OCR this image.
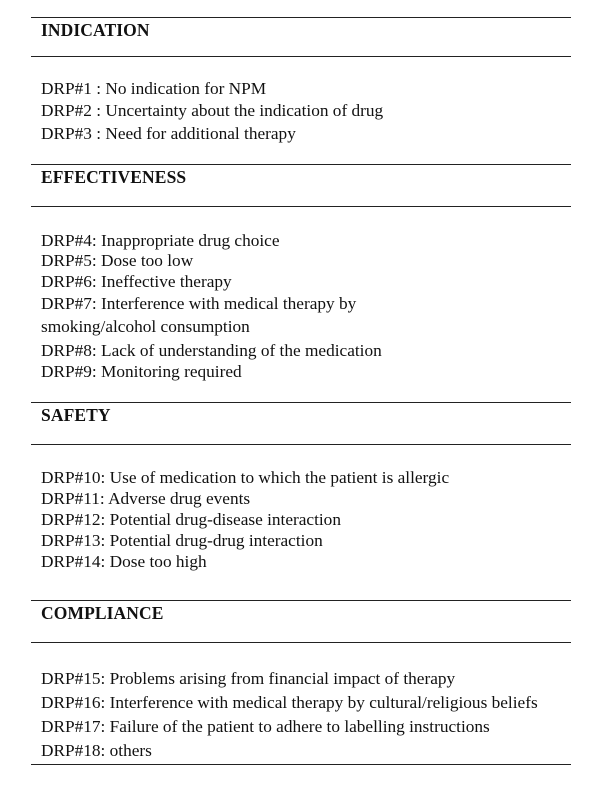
INDICATION
DRP#1 : No indication for NPM
DRP#2 : Uncertainty about the indication of drug
DRP#3 : Need for additional therapy
EFFECTIVENESS
DRP#4: Inappropriate drug choice
DRP#5: Dose too low
DRP#6: Ineffective therapy
DRP#7: Interference with medical therapy by
smoking/alcohol consumption
DRP#8: Lack of understanding of the medication
DRP#9: Monitoring required
SAFETY
DRP#10: Use of medication to which the patient is allergic
DRP#11: Adverse drug events
DRP#12: Potential drug-disease interaction
DRP#13: Potential drug-drug interaction
DRP#14: Dose too high
COMPLIANCE
DRP#15: Problems arising from financial impact of therapy
DRP#16: Interference with medical therapy by cultural/religious beliefs
DRP#17: Failure of the patient to adhere to labelling instructions
DRP#18: others
